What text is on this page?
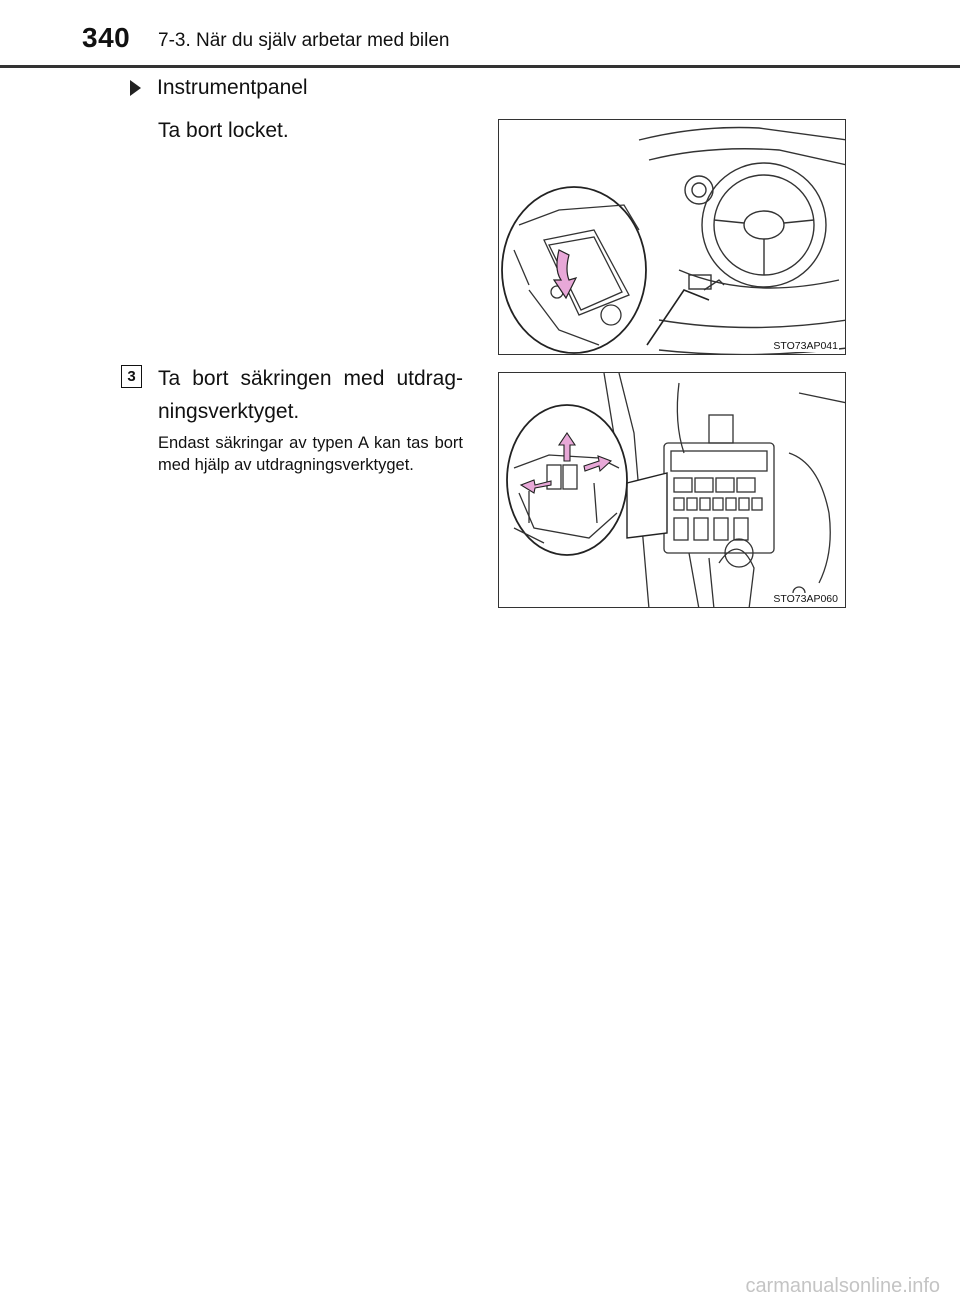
340 7-3. När du själv arbetar med bilen
Instrumentpanel
Ta bort locket.
3	Ta bort säkringen med utdragningsverktyget.
Endast säkringar av typen A kan tas bort med hjälp av utdragningsverktyget.
STO73AP041
STO73AP060
carmanualsonline.info
